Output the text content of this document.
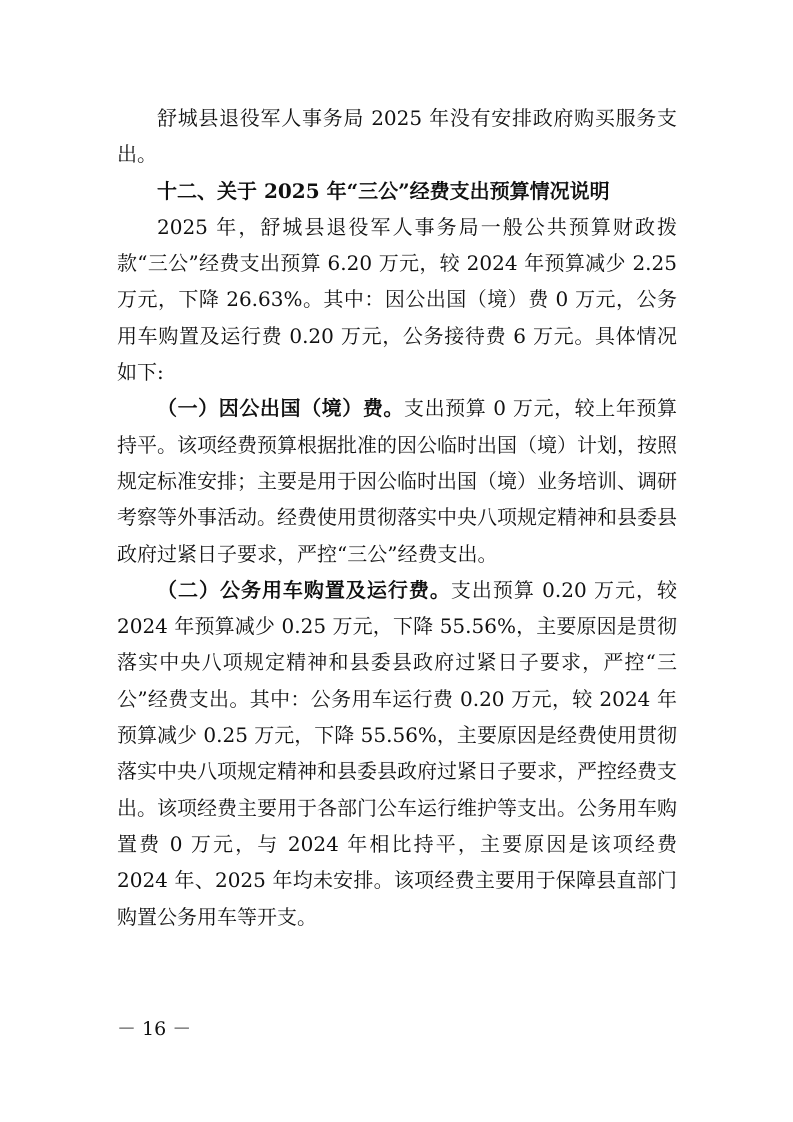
舒城县退役军人事务局 2025 年没有安排政府购买服务支出。

十二、关于 2025 年“三公”经费支出预算情况说明

2025 年，舒城县退役军人事务局一般公共预算财政拨款“三公”经费支出预算 6.20 万元，较 2024 年预算减少 2.25 万元，下降 26.63%。其中：因公出国（境）费 0 万元，公务用车购置及运行费 0.20 万元，公务接待费 6 万元。具体情况如下:

（一）因公出国（境）费。支出预算 0 万元，较上年预算持平。该项经费预算根据批准的因公临时出国（境）计划，按照规定标准安排；主要是用于因公临时出国（境）业务培训、调研考察等外事活动。经费使用贯彻落实中央八项规定精神和县委县政府过紧日子要求，严控“三公”经费支出。

（二）公务用车购置及运行费。支出预算 0.20 万元，较 2024 年预算减少 0.25 万元，下降 55.56%，主要原因是贯彻落实中央八项规定精神和县委县政府过紧日子要求，严控“三公”经费支出。其中：公务用车运行费 0.20 万元，较 2024 年预算减少 0.25 万元，下降 55.56%，主要原因是经费使用贯彻落实中央八项规定精神和县委县政府过紧日子要求，严控经费支出。该项经费主要用于各部门公车运行维护等支出。公务用车购置费 0 万元，与 2024 年相比持平，主要原因是该项经费 2024 年、2025 年均未安排。该项经费主要用于保障县直部门购置公务用车等开支。

－ 16 －
